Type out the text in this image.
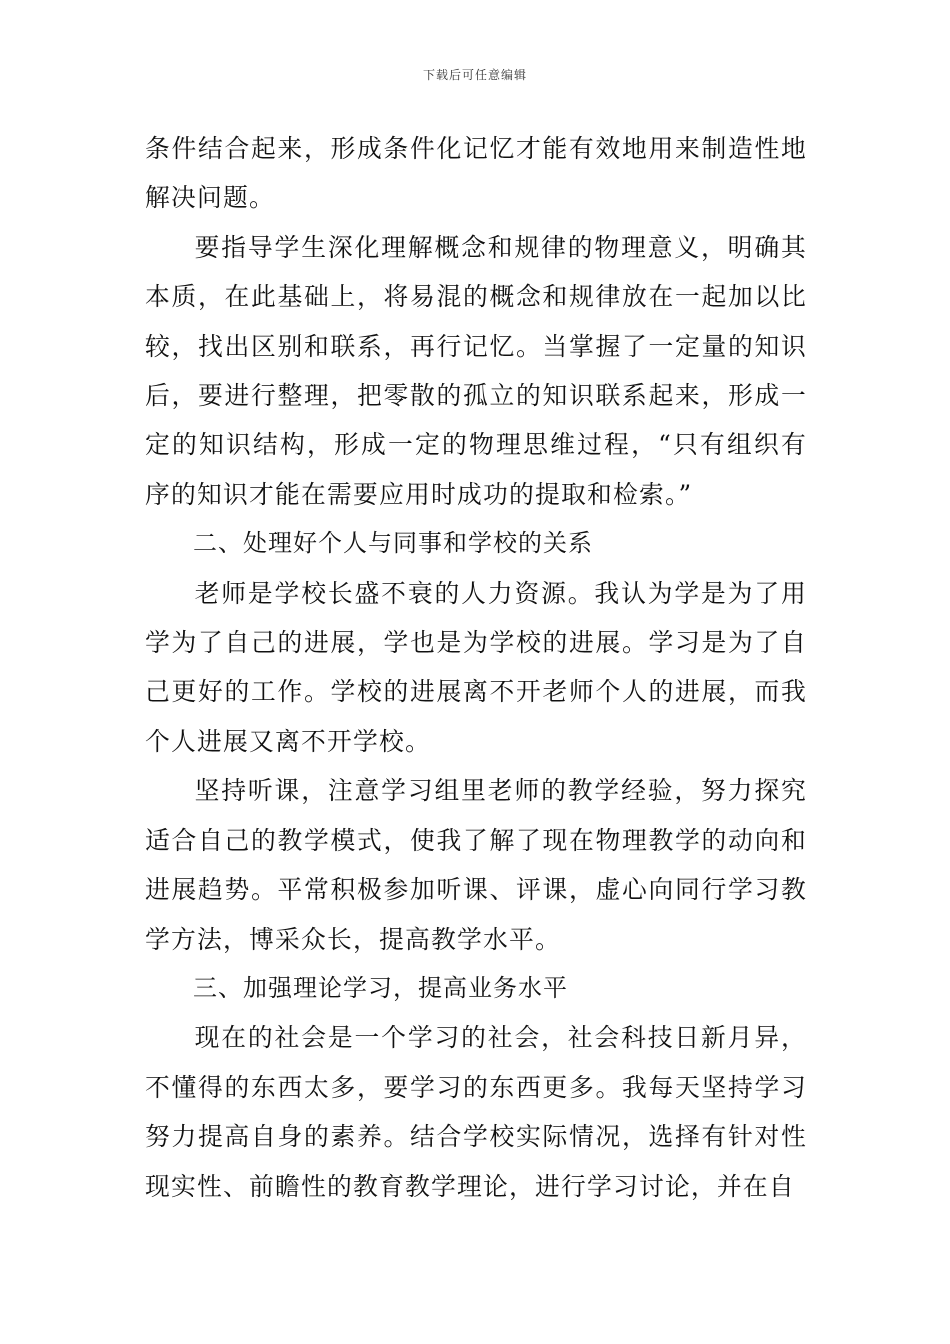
下载后可任意编辑

条件结合起来，形成条件化记忆才能有效地用来制造性地解决问题。

要指导学生深化理解概念和规律的物理意义，明确其本质，在此基础上，将易混的概念和规律放在一起加以比较，找出区别和联系，再行记忆。当掌握了一定量的知识后，要进行整理，把零散的孤立的知识联系起来，形成一定的知识结构，形成一定的物理思维过程，“只有组织有序的知识才能在需要应用时成功的提取和检索。”

二、处理好个人与同事和学校的关系

老师是学校长盛不衰的人力资源。我认为学是为了用学为了自己的进展，学也是为学校的进展。学习是为了自己更好的工作。学校的进展离不开老师个人的进展，而我个人进展又离不开学校。

坚持听课，注意学习组里老师的教学经验，努力探究适合自己的教学模式，使我了解了现在物理教学的动向和进展趋势。平常积极参加听课、评课，虚心向同行学习教学方法，博采众长，提高教学水平。

三、加强理论学习，提高业务水平

现在的社会是一个学习的社会，社会科技日新月异，不懂得的东西太多，要学习的东西更多。我每天坚持学习努力提高自身的素养。结合学校实际情况，选择有针对性现实性、前瞻性的教育教学理论，进行学习讨论，并在自
